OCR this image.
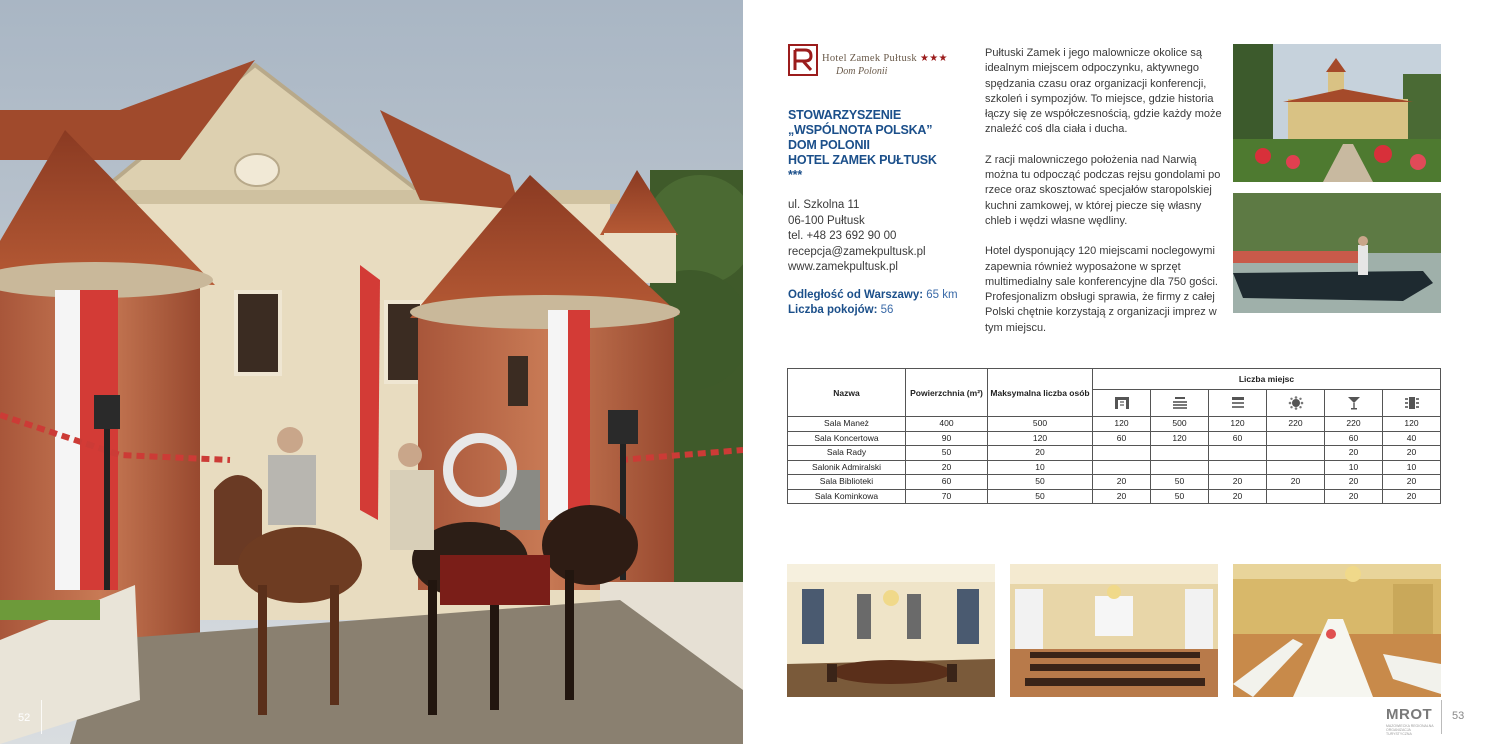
52
Hotel Zamek Pułtusk ★★★
Dom Polonii
STOWARZYSZENIE
„WSPÓLNOTA POLSKA”
DOM POLONII
HOTEL ZAMEK PUŁTUSK
***
ul. Szkolna 11
06-100 Pułtusk
tel. +48 23 692 90 00
recepcja@zamekpultusk.pl
www.zamekpultusk.pl
Odległość od Warszawy: 65 km
Liczba pokojów: 56

Pułtuski Zamek i jego malownicze okolice są idealnym miejscem odpoczynku, aktywnego spędzania czasu oraz organizacji konferencji, szkoleń i sympozjów. To miejsce, gdzie historia łączy się ze współczesnością, gdzie każdy może znaleźć coś dla ciała i ducha.

Z racji malowniczego położenia nad Narwią można tu odpocząć podczas rejsu gondolami po rzece oraz skosztować specjałów staropolskiej kuchni zamkowej, w której piecze się własny chleb i wędzi własne wędliny.

Hotel dysponujący 120 miejscami noclegowymi zapewnia również wyposażone w sprzęt multimedialny sale konferencyjne dla 750 gości. Profesjonalizm obsługi sprawia, że firmy z całej Polski chętnie korzystają z organizacji imprez w tym miejscu.

Nazwa	Powierzchnia (m²)	Maksymalna liczba osób	Liczba miejsc					

Sala Maneż	400	500	120	500	120	220	220	120
Sala Koncertowa	90	120	60	120	60		60	40
Sala Rady	50	20					20	20
Salonik Admiralski	20	10					10	10
Sala Biblioteki	60	50	20	50	20	20	20	20
Sala Kominkowa	70	50	20	50	20		20	20
MROT
MAZOWIECKA REGIONALNA ORGANIZACJA TURYSTYCZNA
53
